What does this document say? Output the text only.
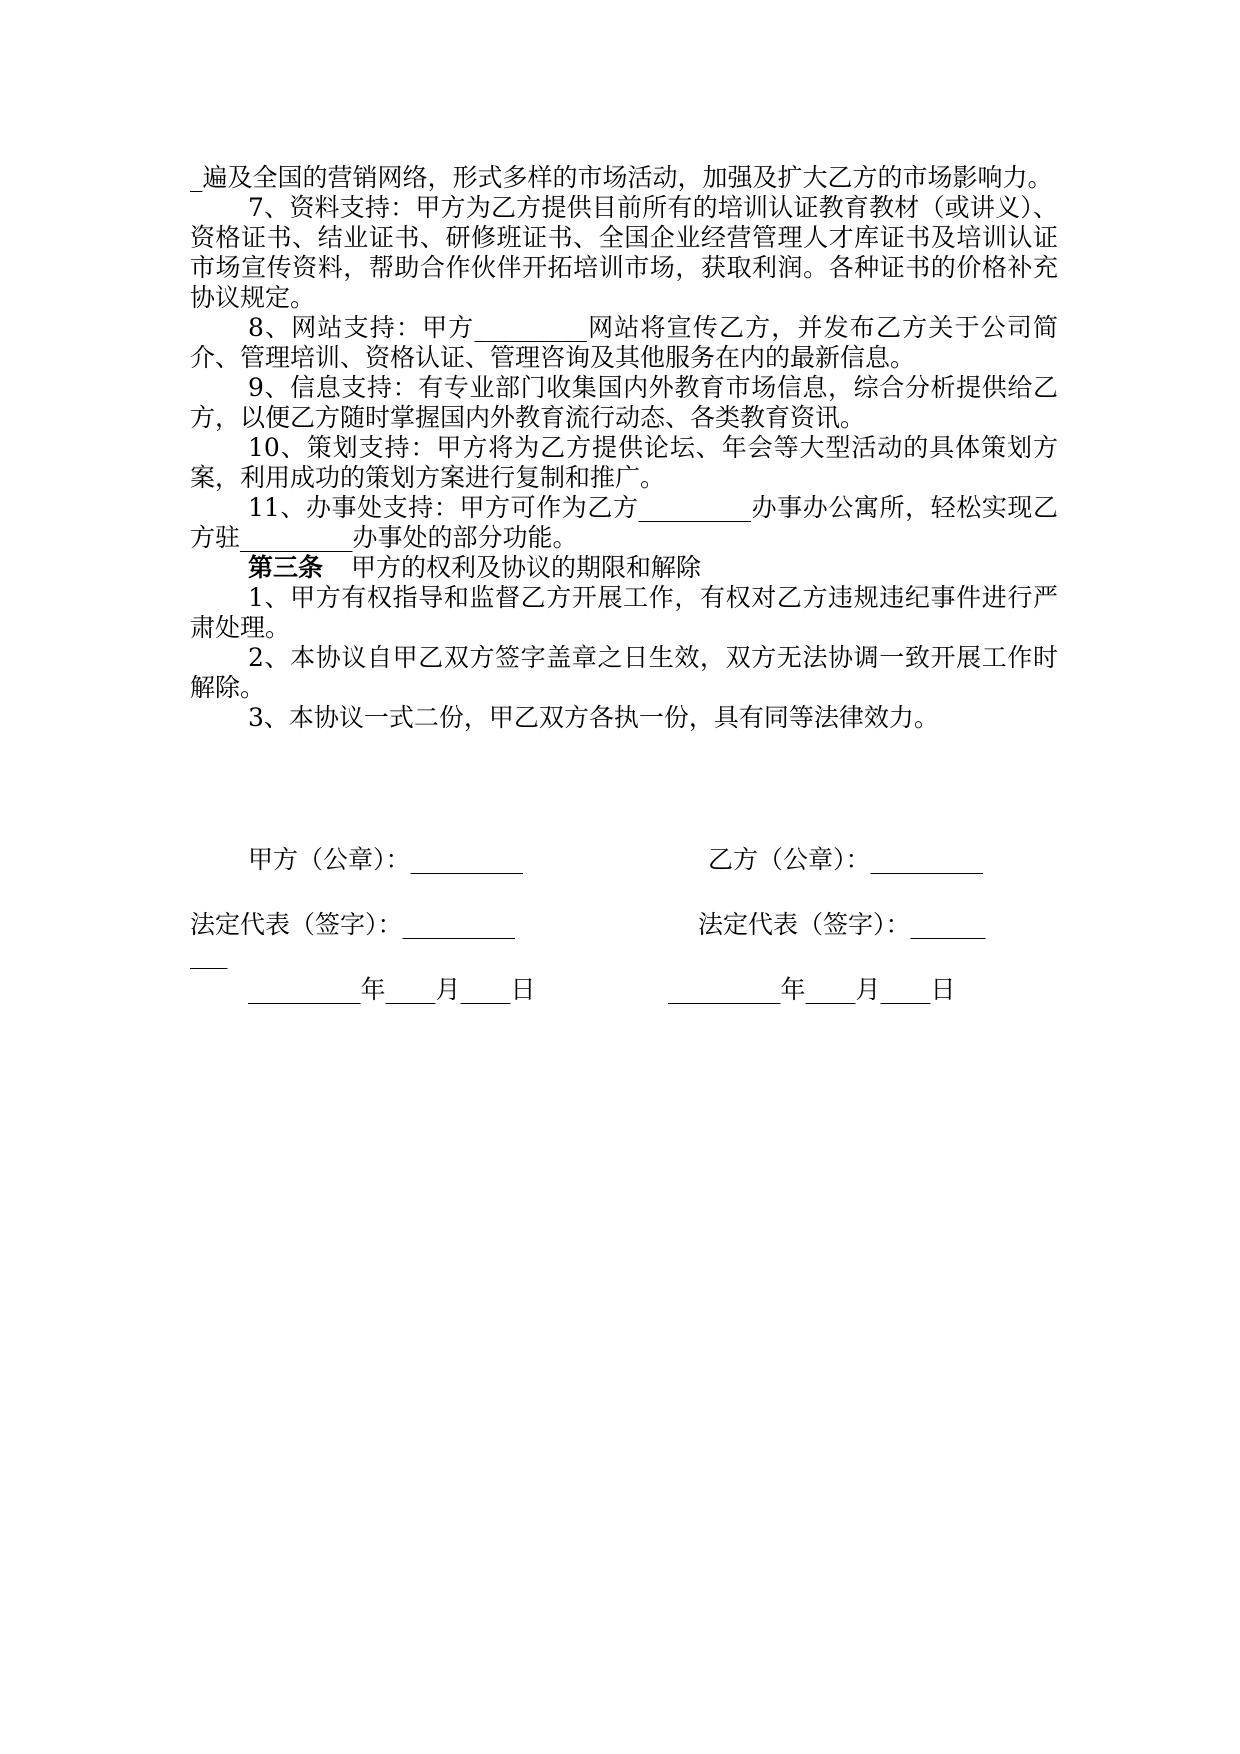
_遍及全国的营销网络，形式多样的市场活动，加强及扩大乙方的市场影响力。

7、资料支持：甲方为乙方提供目前所有的培训认证教育教材（或讲义）、资格证书、结业证书、研修班证书、全国企业经营管理人才库证书及培训认证市场宣传资料，帮助合作伙伴开拓培训市场，获取利润。各种证书的价格补充协议规定。

8、网站支持：甲方_________网站将宣传乙方，并发布乙方关于公司简介、管理培训、资格认证、管理咨询及其他服务在内的最新信息。

9、信息支持：有专业部门收集国内外教育市场信息，综合分析提供给乙方，以便乙方随时掌握国内外教育流行动态、各类教育资讯。

10、策划支持：甲方将为乙方提供论坛、年会等大型活动的具体策划方案，利用成功的策划方案进行复制和推广。

11、办事处支持：甲方可作为乙方_________办事办公寓所，轻松实现乙方驻_________办事处的部分功能。

第三条 甲方的权利及协议的期限和解除

1、甲方有权指导和监督乙方开展工作，有权对乙方违规违纪事件进行严肃处理。

2、本协议自甲乙双方签字盖章之日生效，双方无法协调一致开展工作时解除。

3、本协议一式二份，甲乙双方各执一份，具有同等法律效力。

甲方（公章）：_________	乙方（公章）：_________
法定代表（签字）：_________	法定代表（签字）：______
___
_________年____月____日	_________年____月____日
